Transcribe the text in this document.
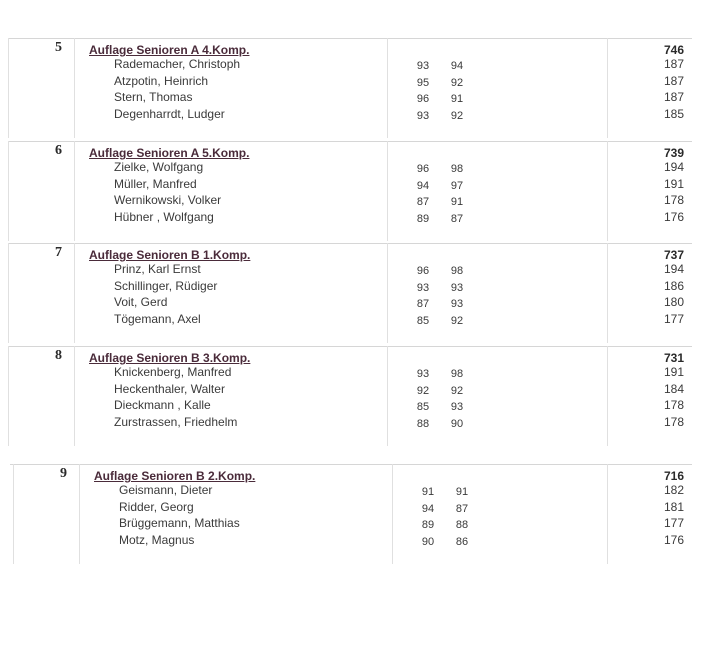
5 Auflage Senioren A 4.Komp.	746
Rademacher, Christoph	93	94	187
Atzpotin, Heinrich	95	92	187
Stern, Thomas	96	91	187
Degenharrdt, Ludger	93	92	185
6 Auflage Senioren A 5.Komp.	739
Zielke, Wolfgang	96	98	194
Müller, Manfred	94	97	191
Wernikowski, Volker	87	91	178
Hübner , Wolfgang	89	87	176
7 Auflage Senioren B 1.Komp.	737
Prinz, Karl Ernst	96	98	194
Schillinger, Rüdiger	93	93	186
Voit, Gerd	87	93	180
Tögemann, Axel	85	92	177
8 Auflage Senioren B 3.Komp.	731
Knickenberg, Manfred	93	98	191
Heckenthaler, Walter	92	92	184
Dieckmann , Kalle	85	93	178
Zurstrassen, Friedhelm	88	90	178
9 Auflage Senioren B 2.Komp.	716
Geismann, Dieter	91	91	182
Ridder, Georg	94	87	181
Brüggemann, Matthias	89	88	177
Motz, Magnus	90	86	176
